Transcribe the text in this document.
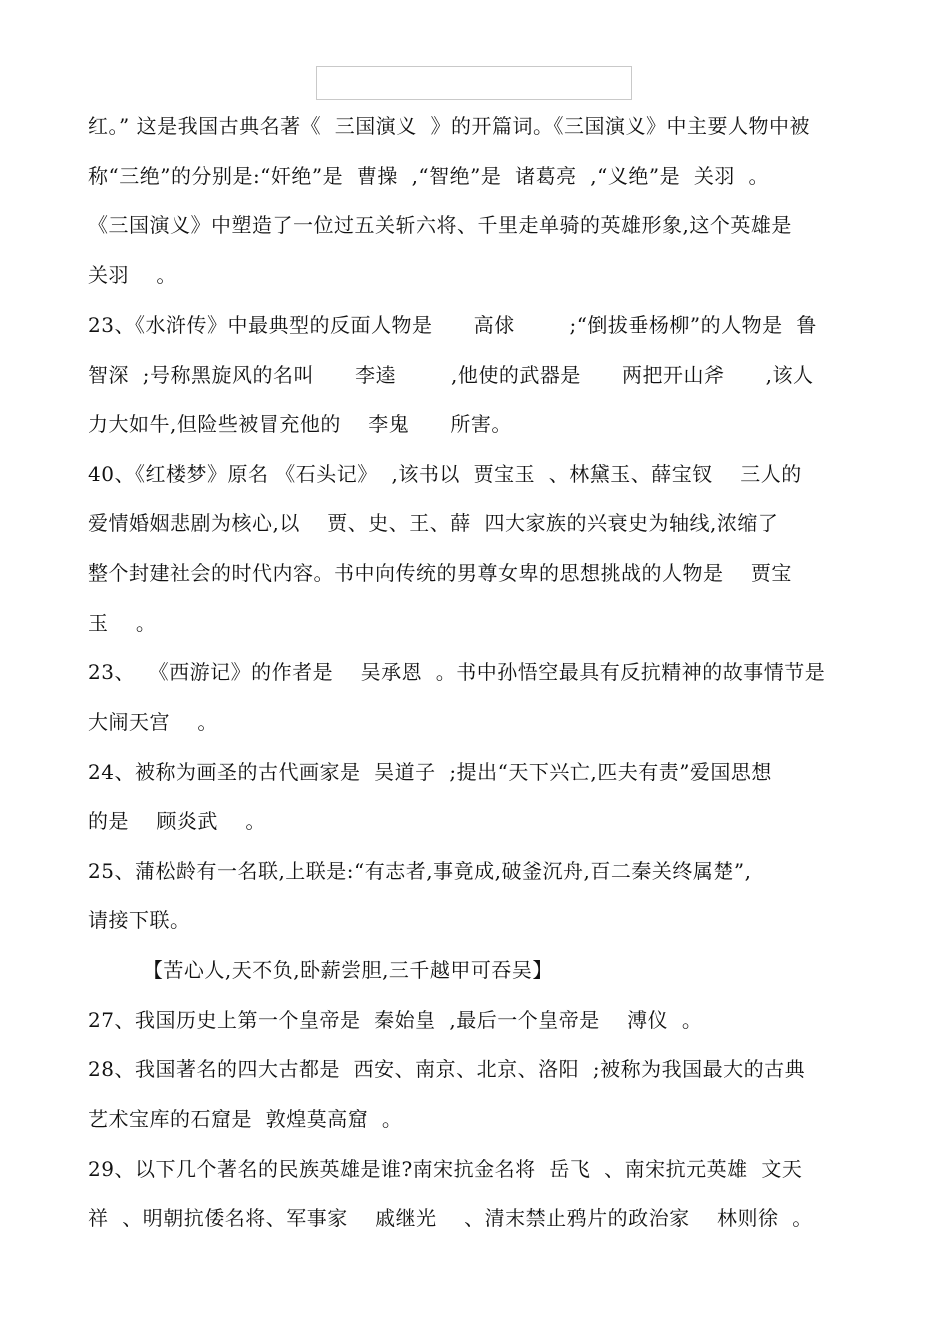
红。” 这是我国古典名著《  三国演义  》的开篇词。《三国演义》中主要人物中被
称“三绝”的分别是:“奸绝”是  曹操  ,“智绝”是  诸葛亮  ,“义绝”是  关羽  。
《三国演义》中塑造了一位过五关斩六将、千里走单骑的英雄形象,这个英雄是
关羽    。
23、《水浒传》中最典型的反面人物是      高俅        ;“倒拔垂杨柳”的人物是  鲁
智深  ;号称黑旋风的名叫      李逵        ,他使的武器是      两把开山斧      ,该人
力大如牛,但险些被冒充他的    李鬼      所害。
40、《红楼梦》原名 《石头记》  ,该书以  贾宝玉  、林黛玉、薛宝钗    三人的
爱情婚姻悲剧为核心,以    贾、史、王、薛  四大家族的兴衰史为轴线,浓缩了
整个封建社会的时代内容。书中向传统的男尊女卑的思想挑战的人物是    贾宝
玉    。
23、  《西游记》的作者是    吴承恩  。书中孙悟空最具有反抗精神的故事情节是
大闹天宫    。
24、被称为画圣的古代画家是  吴道子  ;提出“天下兴亡,匹夫有责”爱国思想
的是    顾炎武    。
25、蒲松龄有一名联,上联是:“有志者,事竟成,破釜沉舟,百二秦关终属楚”,
请接下联。
【苦心人,天不负,卧薪尝胆,三千越甲可吞吴】
27、我国历史上第一个皇帝是  秦始皇  ,最后一个皇帝是    溥仪  。
28、我国著名的四大古都是  西安、南京、北京、洛阳  ;被称为我国最大的古典
艺术宝库的石窟是  敦煌莫高窟  。
29、以下几个著名的民族英雄是谁?南宋抗金名将  岳飞  、南宋抗元英雄  文天
祥  、明朝抗倭名将、军事家    戚继光    、清末禁止鸦片的政治家    林则徐  。
